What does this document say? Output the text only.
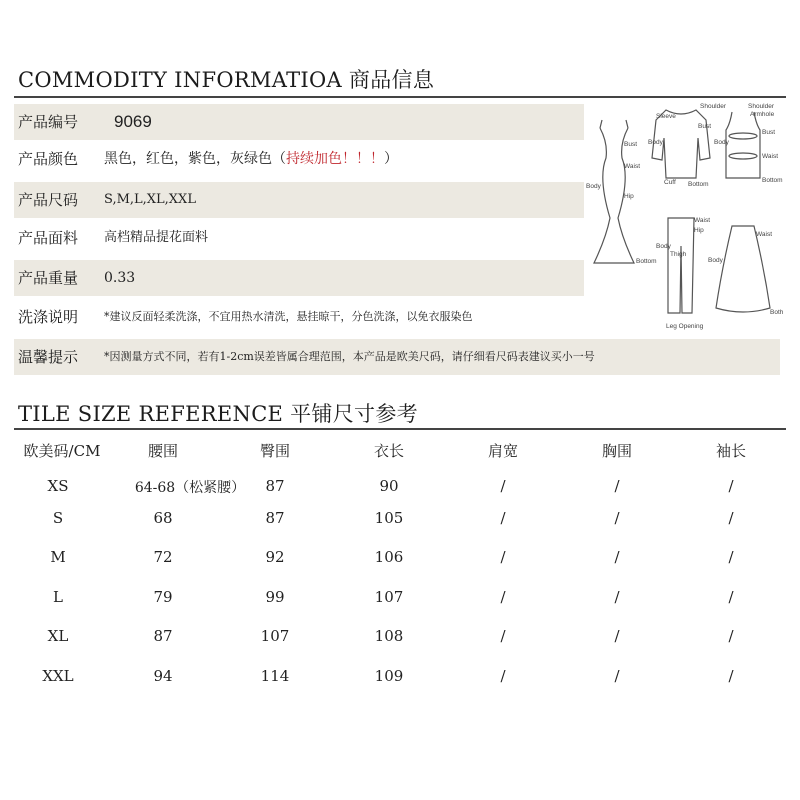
COMMODITY INFORMATIOA 商品信息
产品编号 9069
产品颜色 黑色，红色，紫色，灰绿色（持续加色！！！）
产品尺码 S,M,L,XL,XXL
产品面料 高档精品提花面料
产品重量 0.33
洗涤说明 *建议反面轻柔洗涤，不宜用热水清洗，悬挂晾干，分色洗涤，以免衣服染色
温馨提示 *因测量方式不同，若有1-2cm误差皆属合理范围，本产品是欧美尺码，请仔细看尺码表建议买小一号
Shoulder	Shoulder
Armhole
Sleeve
Bust
Bust
Bust Body	Body
Waist
Waist
Cuff Bottom
Bottom
Body
Hip
Waist
Waist
Hip
Body
Body
Thigh
Bottom
Both
Leg Opening
TILE SIZE REFERENCE 平铺尺寸参考
欧美码/CM	腰围	臀围	衣长	肩宽	胸围	袖长
XS	64-68（松紧腰）	87	90	/	/	/
S	68	87	105	/	/	/
M	72	92	106	/	/	/
L	79	99	107	/	/	/
XL	87	107	108	/	/	/
XXL	94	114	109	/	/	/
